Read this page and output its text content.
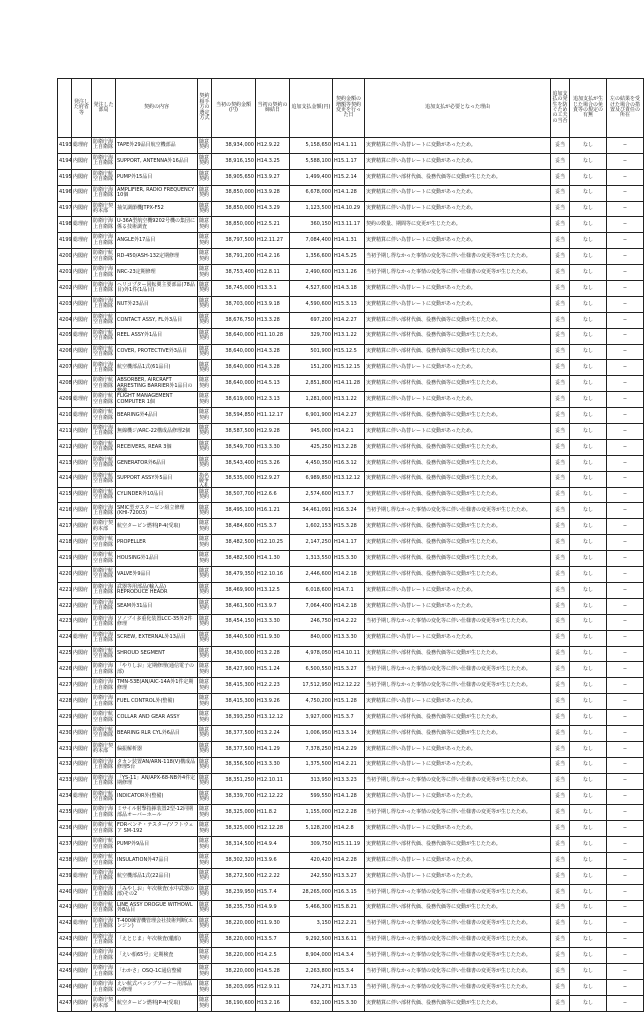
	発注した府省等	発注した部局	契約の内容	契約相手方の選定方式	当初の契約金額(円)	当初の契約の締結日	追加支払金額(円)	契約金額の増額等契約変更を行った日	追加支払が必要となった理由	追加支払の発生を防ぐための工夫の当否	追加支払が生じた場合の免責等の規定の有無	左の結果を受けた場合の措置及び責任の所在

4193	総理府	防衛庁海上自衛隊	TAPE外29品目航空機部品	随意契約	38,934,000	H12.9.22	5,158,650	H14.1.11	実費精算に伴い為替レートに変動があったため。	妥当	なし	−

4194	内閣府	防衛庁海上自衛隊	SUPPORT, ANTENNA外16品目	随意契約	38,916,150	H14.3.25	5,588,100	H15.1.17	実費精算に伴い為替レートに変動があったため。	妥当	なし	−

4195	内閣府	防衛庁航空自衛隊	PUMP外15品目	随意契約	38,905,650	H13.9.27	1,499,400	H15.2.14	実費精算に伴い部材代価、役務代価等に変動が生じたため。	妥当	なし	−

4196	内閣府	防衛庁海上自衛隊	AMPLIFIER, RADIO FREQUENCY 10個	随意契約	38,850,000	H13.9.28	6,678,000	H14.1.28	実費精算に伴い為替レートに変動があったため。	妥当	なし	−

4197	内閣府	防衛庁契約本部	抽気調節機JTPX-F52	随意契約	38,850,000	H14.3.29	1,123,500	H14.10.29	実費精算に伴い為替レートに変動があったため。	妥当	なし	−

4198	総理府	防衛庁海上自衛隊	U-36A型航空機9202号機の集団に係る技術調査	随意契約	38,850,000	H12.5.21	360,150	H13.11.17	契約の数量、期間等に変更が生じたため。	妥当	なし	−

4199	総理府	防衛庁海上自衛隊	ANGLE外17品目	随意契約	38,797,500	H12.11.27	7,084,400	H14.1.31	実費精算に伴い為替レートに変動があったため。	妥当	なし	−

4200	内閣府	防衛庁航空自衛隊	RD-450/ASH-132定期修理	随意契約	38,791,200	H14.2.16	1,356,600	H14.5.25	当初予期し得なかった事情の変化等に伴い仕様書の変更等が生じたため。	妥当	なし	−

4201	内閣府	防衛庁海上自衛隊	NRC-23定期修理	随意契約	38,753,400	H12.8.11	2,490,600	H13.1.26	当初予期し得なかった事情の変化等に伴い仕様書の変更等が生じたため。	妥当	なし	−

4202	内閣府	防衛庁海上自衛隊	ヘリコプター回転翼主要部品(78品目)外1件(1品目)	随意契約	38,745,000	H13.3.1	4,527,600	H14.3.18	実費精算に伴い為替レートに変動があったため。	妥当	なし	−

4203	内閣府	防衛庁海上自衛隊	NUT外23品目	随意契約	38,703,000	H13.9.18	4,590,600	H15.3.13	実費精算に伴い為替レートに変動があったため。	妥当	なし	−

4204	内閣府	防衛庁航空自衛隊	CONTACT ASSY, FL外3品目	随意契約	38,676,750	H13.3.28	697,200	H14.2.27	実費精算に伴い部材代価、役務代価等に変動が生じたため。	妥当	なし	−

4205	総理府	防衛庁航空自衛隊	REEL ASSY外1品目	随意契約	38,640,000	H11.10.28	329,700	H13.1.22	実費精算に伴い部材代価、役務代価等に変動が生じたため。	妥当	なし	−

4206	内閣府	防衛庁航空自衛隊	COVER, PROTECTIVE外3品目	随意契約	38,640,000	H14.3.28	501,900	H15.12.5	実費精算に伴い部材代価、役務代価等に変動が生じたため。	妥当	なし	−

4207	内閣府	防衛庁海上自衛隊	航空機部品1式(61品目)	随意契約	38,640,000	H14.3.28	151,200	H15.12.15	実費精算に伴い為替レートに変動があったため。	妥当	なし	−

4208	内閣府	防衛庁航空自衛隊	ABSORBER, AIRCRAFT ARRESTING BARRIER外1品目の整備	随意契約	38,640,000	H14.5.13	2,851,800	H14.11.28	実費精算に伴い部材代価、役務代価等に変動が生じたため。	妥当	なし	−

4209	総理府	防衛庁航空自衛隊	FLIGHT MANAGEMENT COMPUTER 1個	随意契約	38,619,000	H12.3.13	1,281,000	H13.1.22	実費精算に伴い為替レートに変動があったため。	妥当	なし	−

4210	総理府	防衛庁航空自衛隊	BEARING外4品目	随意契約	38,594,850	H11.12.17	6,901,900	H14.2.27	実費精算に伴い部材代価、役務代価等に変動が生じたため。	妥当	なし	−

4211	内閣府	防衛庁海上自衛隊	無線機ジ/ARC-22構成品修理2個	随意契約	38,587,500	H12.9.28	945,000	H14.2.1	実費精算に伴い為替レートに変動があったため。	妥当	なし	−

4212	内閣府	防衛庁航空自衛隊	RECEIVERS, REAR 3個	随意契約	38,549,700	H13.3.30	425,250	H13.2.28	実費精算に伴い部材代価、役務代価等に変動が生じたため。	妥当	なし	−

4213	内閣府	防衛庁航空自衛隊	GENERATOR外6品目	随意契約	38,543,400	H15.3.26	4,450,350	H16.3.12	実費精算に伴い部材代価、役務代価等に変動が生じたため。	妥当	なし	−

4214	内閣府	防衛庁航空自衛隊	SUPPORT ASSY外5品目	指名競争入札	38,535,000	H12.9.27	6,989,850	H13.12.12	実費精算に伴い部材代価、役務代価等に変動が生じたため。	妥当	なし	−

4215	内閣府	防衛庁航空自衛隊	CYLINDER外10品目	随意契約	38,507,700	H12.6.6	2,574,600	H13.7.7	実費精算に伴い部材代価、役務代価等に変動が生じたため。	妥当	なし	−

4216	内閣府	防衛庁海上自衛隊	SMIC型ガスタービン組立修理(KHI-72003)	随意契約	38,495,100	H16.1.21	34,461,091	H16.3.24	当初予期し得なかった事情の変化等に伴い仕様書の変更等が生じたため。	妥当	なし	−

4217	内閣府	防衛庁契約本部	航空タービン燃料JP-4(受取)	随意契約	38,484,600	H15.3.7	1,602,153	H15.3.28	実費精算に伴い部材代価、役務代価等に変動が生じたため。	妥当	なし	−

4218	内閣府	防衛庁航空自衛隊	PROPELLER	随意契約	38,482,500	H12.10.25	2,147,250	H14.1.17	実費精算に伴い部材代価、役務代価等に変動が生じたため。	妥当	なし	−

4219	内閣府	防衛庁航空自衛隊	HOUSING外1品目	随意契約	38,482,500	H14.1.30	1,313,550	H15.3.30	実費精算に伴い部材代価、役務代価等に変動が生じたため。	妥当	なし	−

4220	内閣府	防衛庁航空自衛隊	VALVE外9品目	随意契約	38,479,350	H12.10.16	2,446,600	H14.2.18	実費精算に伴い部材代価、役務代価等に変動が生じたため。	妥当	なし	−

4221	内閣府	防衛庁海上自衛隊	武器等用部品(輸入品) REPRODUCE HEADR	随意契約	38,469,900	H13.12.5	6,018,600	H14.7.1	実費精算に伴い為替レートに変動があったため。	妥当	なし	−

4222	内閣府	防衛庁海上自衛隊	SEAM外31品目	随意契約	38,461,500	H13.9.7	7,064,400	H14.2.18	実費精算に伴い為替レートに変動があったため。	妥当	なし	−

4223	内閣府	防衛庁海上自衛隊	ソノブイ多重化装置LCC-35外2件修理	随意契約	38,454,150	H13.3.30	246,750	H14.2.22	当初予期し得なかった事情の変化等に伴い仕様書の変更等が生じたため。	妥当	なし	−

4224	総理府	防衛庁海上自衛隊	SCREW, EXTERNAL外13品目	随意契約	38,440,500	H11.9.30	840,000	H13.3.30	実費精算に伴い為替レートに変動があったため。	妥当	なし	−

4225	内閣府	防衛庁航空自衛隊	SHROUD SEGMENT	随意契約	38,430,000	H13.2.28	4,978,050	H14.10.11	実費精算に伴い部材代価、役務代価等に変動が生じたため。	妥当	なし	−

4226	内閣府	防衛庁海上自衛隊	「やりしお」定期修理(通信電子の部)	随意契約	38,427,900	H15.1.24	6,500,550	H15.3.27	当初予期し得なかった事情の変化等に伴い仕様書の変更等が生じたため。	妥当	なし	−

4227	内閣府	防衛庁海上自衛隊	TMN-53E(AN/AIC-14A外1件定期修理	随意契約	38,415,300	H12.2.23	17,512,950	H12.12.22	当初予期し得なかった事情の変化等に伴い仕様書の変更等が生じたため。	妥当	なし	−

4228	内閣府	防衛庁海上自衛隊	FUEL CONTROL外(整備)	随意契約	38,415,300	H13.9.26	4,750,200	H15.1.28	実費精算に伴い為替レートに変動があったため。	妥当	なし	−

4229	内閣府	防衛庁航空自衛隊	COLLAR AND GEAR ASSY	随意契約	38,393,250	H13.12.12	3,927,000	H15.3.7	実費精算に伴い部材代価、役務代価等に変動が生じたため。	妥当	なし	−

4230	内閣府	防衛庁航空自衛隊	BEARING RLR CYL外6品目	随意契約	38,377,500	H13.2.24	1,006,950	H13.3.14	実費精算に伴い部材代価、役務代価等に変動が生じたため。	妥当	なし	−

4231	内閣府	防衛庁契約本部	偏振解析器	随意契約	38,377,500	H14.1.29	7,378,250	H14.2.29	実費精算に伴い為替レートに変動があったため。	妥当	なし	−

4232	内閣府	防衛庁海上自衛隊	タカン装置AN/ARN-118(V)構成品修理5台	随意契約	38,356,500	H13.3.30	1,375,500	H14.2.21	実費精算に伴い為替レートに変動があったため。	妥当	なし	−

4233	内閣府	防衛庁海上自衛隊	「YS-11」AN/APX-68-NB外4件定期修理	随意契約	38,351,250	H12.10.11	313,950	H13.3.23	当初予期し得なかった事情の変化等に伴い仕様書の変更等が生じたため。	妥当	なし	−

4234	総理府	防衛庁航空自衛隊	INDICATOR外(整備)	随意契約	38,339,700	H12.12.22	599,550	H14.1.28	実費精算に伴い為替レートに変動があったため。	妥当	なし	−

4235	内閣府	防衛庁海上自衛隊	ミサイル射撃指揮装置2型-12同期部品オーバーホール	随意契約	38,325,000	H11.8.2	1,155,000	H12.2.28	当初予期し得なかった事情の変化等に伴い仕様書の変更等が生じたため。	妥当	なし	−

4236	内閣府	防衛庁航空自衛隊	FDRベンチ・テスター/ソフトウェア SM-192	随意契約	38,325,000	H12.12.28	5,128,200	H14.2.8	実費精算に伴い為替レートに変動があったため。	妥当	なし	−

4237	内閣府	防衛庁航空自衛隊	PUMP外9品目	随意契約	38,314,500	H14.9.4	309,750	H15.11.19	実費精算に伴い部材代価、役務代価等に変動が生じたため。	妥当	なし	−

4238	内閣府	防衛庁航空自衛隊	INSULATION外47品目	随意契約	38,302,320	H13.9.6	420,420	H14.2.28	実費精算に伴い為替レートに変動があったため。	妥当	なし	−

4239	総理府	防衛庁海上自衛隊	航空機部品1式(22品目)	随意契約	38,272,500	H12.2.22	242,550	H13.3.27	実費精算に伴い為替レートに変動があったため。	妥当	なし	−

4240	内閣府	防衛庁海上自衛隊	「みやしお」年次検査(水中武器の部)その2	随意契約	38,239,950	H15.7.4	28,265,000	H16.3.15	当初予期し得なかった事情の変化等に伴い仕様書の変更等が生じたため。	妥当	なし	−

4241	内閣府	防衛庁航空自衛隊	LINE ASSY DROGUE WITHOWL外8品目	随意契約	38,235,750	H14.9.9	5,466,300	H15.8.21	実費精算に伴い部材代価、役務代価等に変動が生じたため。	妥当	なし	−

4242	総理府	防衛庁海上自衛隊	T-400練習機管理会社技術判断(エンジン)	随意契約	38,220,000	H11.9.30	3,150	H12.2.21	当初予期し得なかった事情の変化等に伴い仕様書の変更等が生じたため。	妥当	なし	−

4243	内閣府	防衛庁海上自衛隊	「えとじま」年次検査(艦船)	随意契約	38,220,000	H13.5.7	9,292,500	H13.6.11	当初予期し得なかった事情の変化等に伴い仕様書の変更等が生じたため。	妥当	なし	−

4244	内閣府	防衛庁海上自衛隊	「えい船65号」定期検査	随意契約	38,220,000	H14.2.5	8,904,000	H14.3.4	当初予期し得なかった事情の変化等に伴い仕様書の変更等が生じたため。	妥当	なし	−

4245	内閣府	防衛庁海上自衛隊	「わかさ」OSQ-1C通信整備	随意契約	38,220,000	H14.5.28	2,263,800	H15.3.4	当初予期し得なかった事情の変化等に伴い仕様書の変更等が生じたため。	妥当	なし	−

4246	内閣府	防衛庁海上自衛隊	えい航式パッシブソーナー用部品の修理	随意契約	38,203,095	H12.9.11	724,271	H13.7.13	当初予期し得なかった事情の変化等に伴い仕様書の変更等が生じたため。	妥当	なし	−

4247	内閣府	防衛庁契約本部	航空タービン燃料JP-4(受取)	随意契約	38,190,600	H13.2.16	632,100	H15.3.30	実費精算に伴い部材代価、役務代価等に変動が生じたため。	妥当	なし	−
